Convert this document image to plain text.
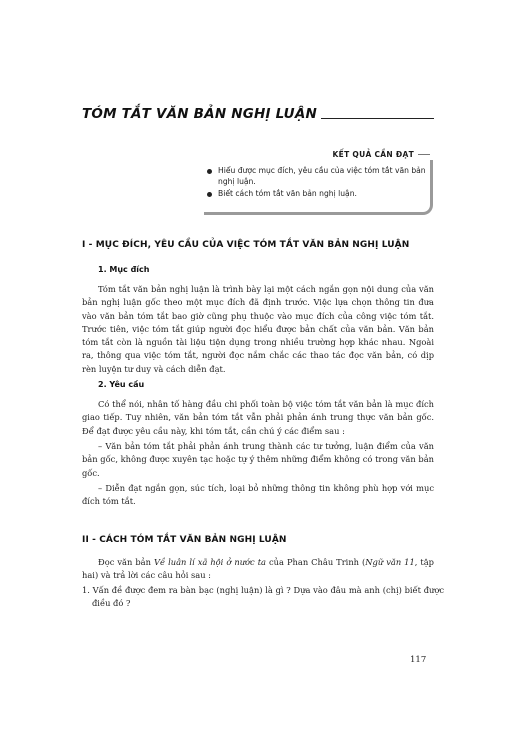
TÓM TẮT VĂN BẢN NGHỊ LUẬN
KẾT QUẢ CẦN ĐẠT
Hiểu được mục đích, yêu cầu của việc tóm tắt văn bản nghị luận.
Biết cách tóm tắt văn bản nghị luận.
I - MỤC ĐÍCH, YÊU CẦU CỦA VIỆC TÓM TẮT VĂN BẢN NGHỊ LUẬN
1. Mục đích

Tóm tắt văn bản nghị luận là trình bày lại một cách ngắn gọn nội dung của văn bản nghị luận gốc theo một mục đích đã định trước. Việc lựa chọn thông tin đưa vào văn bản tóm tắt bao giờ cũng phụ thuộc vào mục đích của công việc tóm tắt. Trước tiên, việc tóm tắt giúp người đọc hiểu được bản chất của văn bản. Văn bản tóm tắt còn là nguồn tài liệu tiện dụng trong nhiều trường hợp khác nhau. Ngoài ra, thông qua việc tóm tắt, người đọc nắm chắc các thao tác đọc văn bản, có dịp rèn luyện tư duy và cách diễn đạt.

2. Yêu cầu

Có thể nói, nhân tố hàng đầu chi phối toàn bộ việc tóm tắt văn bản là mục đích giao tiếp. Tuy nhiên, văn bản tóm tắt vẫn phải phản ánh trung thực văn bản gốc. Để đạt được yêu cầu này, khi tóm tắt, cần chú ý các điểm sau :

– Văn bản tóm tắt phải phản ánh trung thành các tư tưởng, luận điểm của văn bản gốc, không được xuyên tạc hoặc tự ý thêm những điểm không có trong văn bản gốc.

– Diễn đạt ngắn gọn, súc tích, loại bỏ những thông tin không phù hợp với mục đích tóm tắt.

II - CÁCH TÓM TẮT VĂN BẢN NGHỊ LUẬN

Đọc văn bản Về luân lí xã hội ở nước ta của Phan Châu Trinh (Ngữ văn 11, tập hai) và trả lời các câu hỏi sau :

1. Vấn đề được đem ra bàn bạc (nghị luận) là gì ? Dựa vào đâu mà anh (chị) biết được điều đó ?

117
